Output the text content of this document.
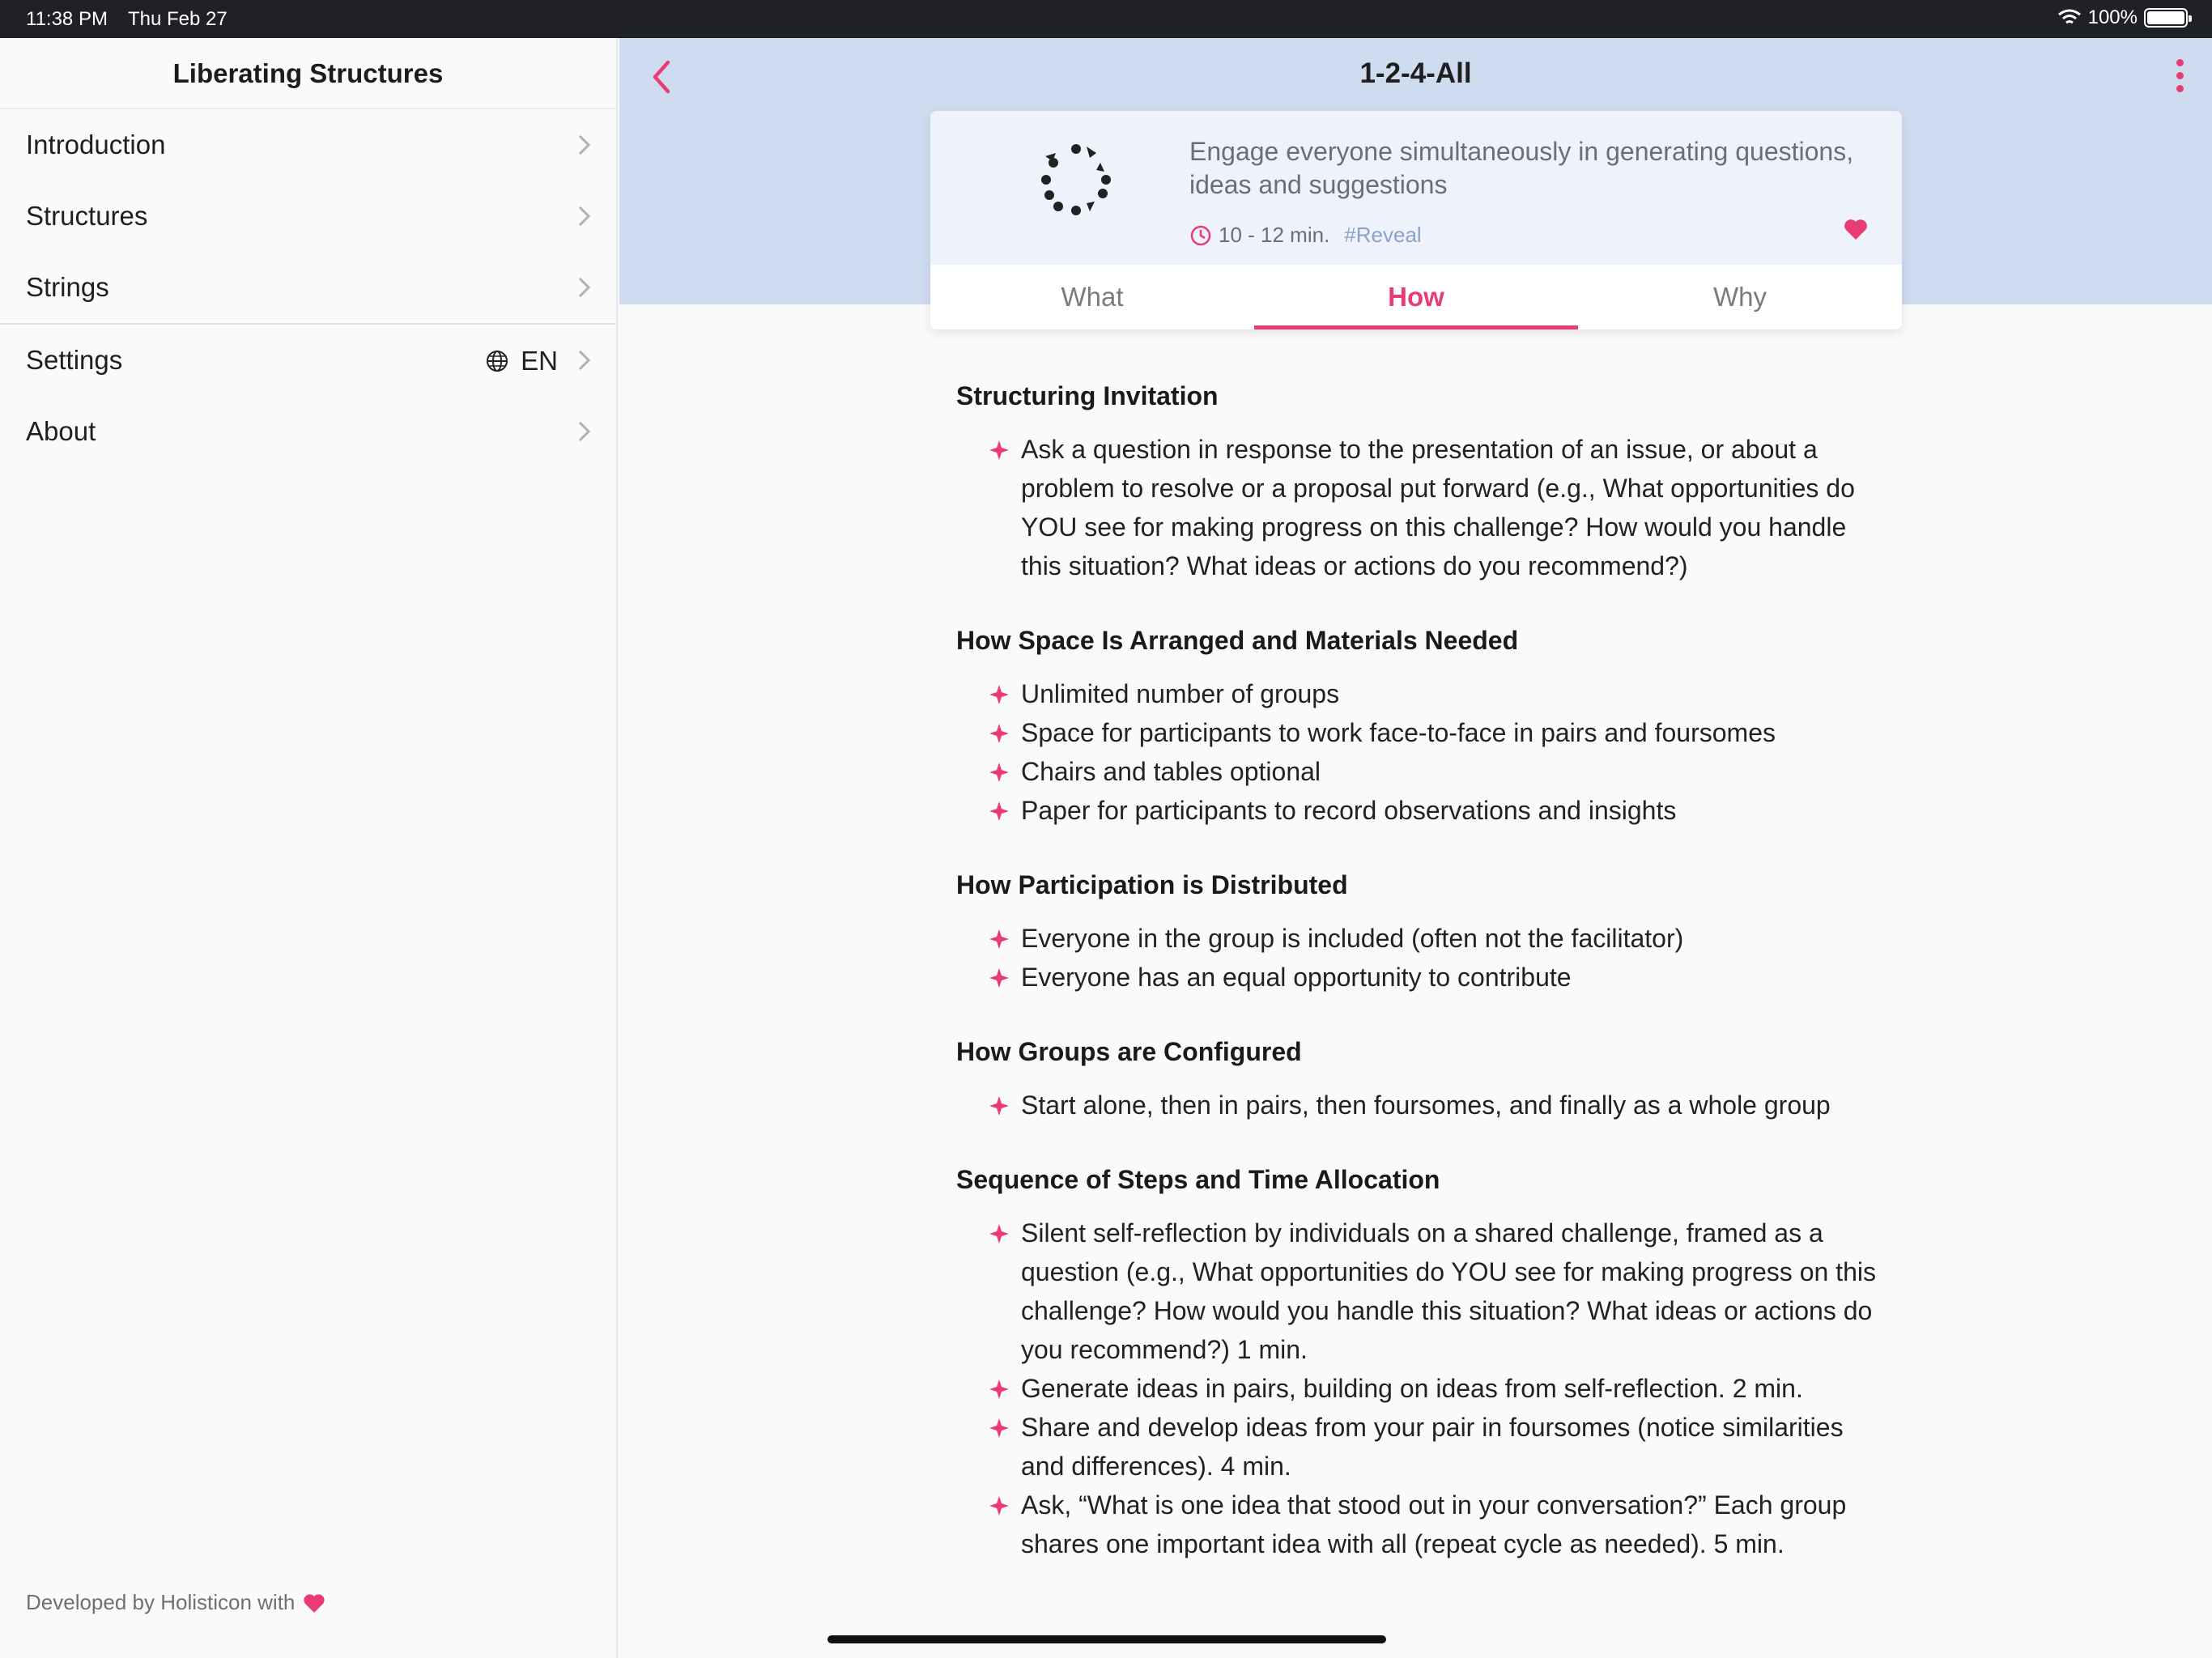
11:38 PM Thu Feb 27	100%
Liberating Structures
Introduction
Structures
Strings
Settings	EN
About
Developed by Holisticon with
1-2-4-All
Engage everyone simultaneously in generating questions, ideas and suggestions
10 - 12 min. #Reveal
What	How	Why
Structuring Invitation
Ask a question in response to the presentation of an issue, or about a problem to resolve or a proposal put forward (e.g., What opportunities do YOU see for making progress on this challenge? How would you handle this situation? What ideas or actions do you recommend?)
How Space Is Arranged and Materials Needed
Unlimited number of groups
Space for participants to work face-to-face in pairs and foursomes
Chairs and tables optional
Paper for participants to record observations and insights
How Participation is Distributed
Everyone in the group is included (often not the facilitator)
Everyone has an equal opportunity to contribute
How Groups are Configured
Start alone, then in pairs, then foursomes, and finally as a whole group
Sequence of Steps and Time Allocation
Silent self-reflection by individuals on a shared challenge, framed as a question (e.g., What opportunities do YOU see for making progress on this challenge? How would you handle this situation? What ideas or actions do you recommend?) 1 min.
Generate ideas in pairs, building on ideas from self-reflection. 2 min.
Share and develop ideas from your pair in foursomes (notice similarities and differences). 4 min.
Ask, “What is one idea that stood out in your conversation?” Each group shares one important idea with all (repeat cycle as needed). 5 min.
